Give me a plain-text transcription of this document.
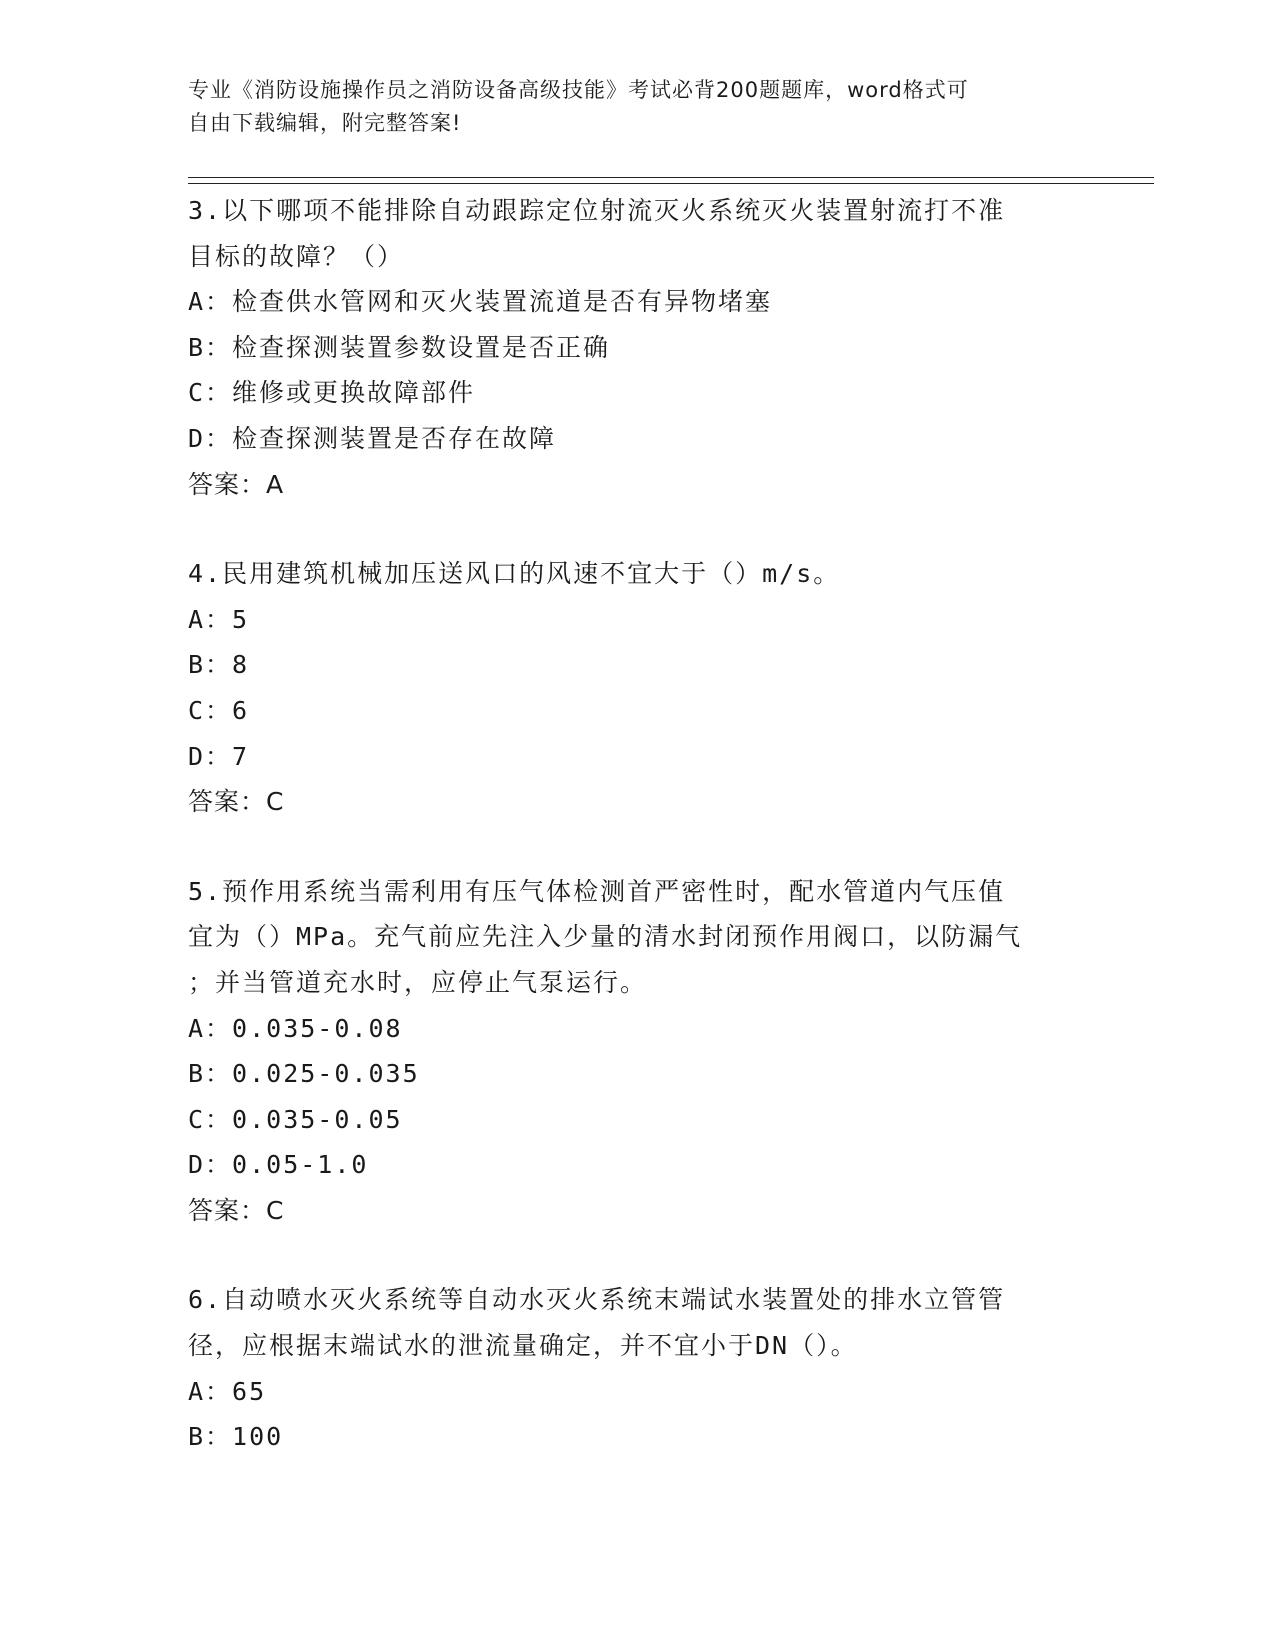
专业《消防设施操作员之消防设备高级技能》考试必背200题题库，word格式可
自由下载编辑，附完整答案!
3.以下哪项不能排除自动跟踪定位射流灭火系统灭火装置射流打不准
目标的故障？（）
A：检查供水管网和灭火装置流道是否有异物堵塞
B：检查探测装置参数设置是否正确
C：维修或更换故障部件
D：检查探测装置是否存在故障
答案：A
4.民用建筑机械加压送风口的风速不宜大于（）m/s。
A：5
B：8
C：6
D：7
答案：C
5.预作用系统当需利用有压气体检测首严密性时，配水管道内气压值
宜为（）MPa。充气前应先注入少量的清水封闭预作用阀口，以防漏气
；并当管道充水时，应停止气泵运行。
A：0.035-0.08
B：0.025-0.035
C：0.035-0.05
D：0.05-1.0
答案：C
6.自动喷水灭火系统等自动水灭火系统末端试水装置处的排水立管管
径，应根据末端试水的泄流量确定，并不宜小于DN（）。
A：65
B：100
